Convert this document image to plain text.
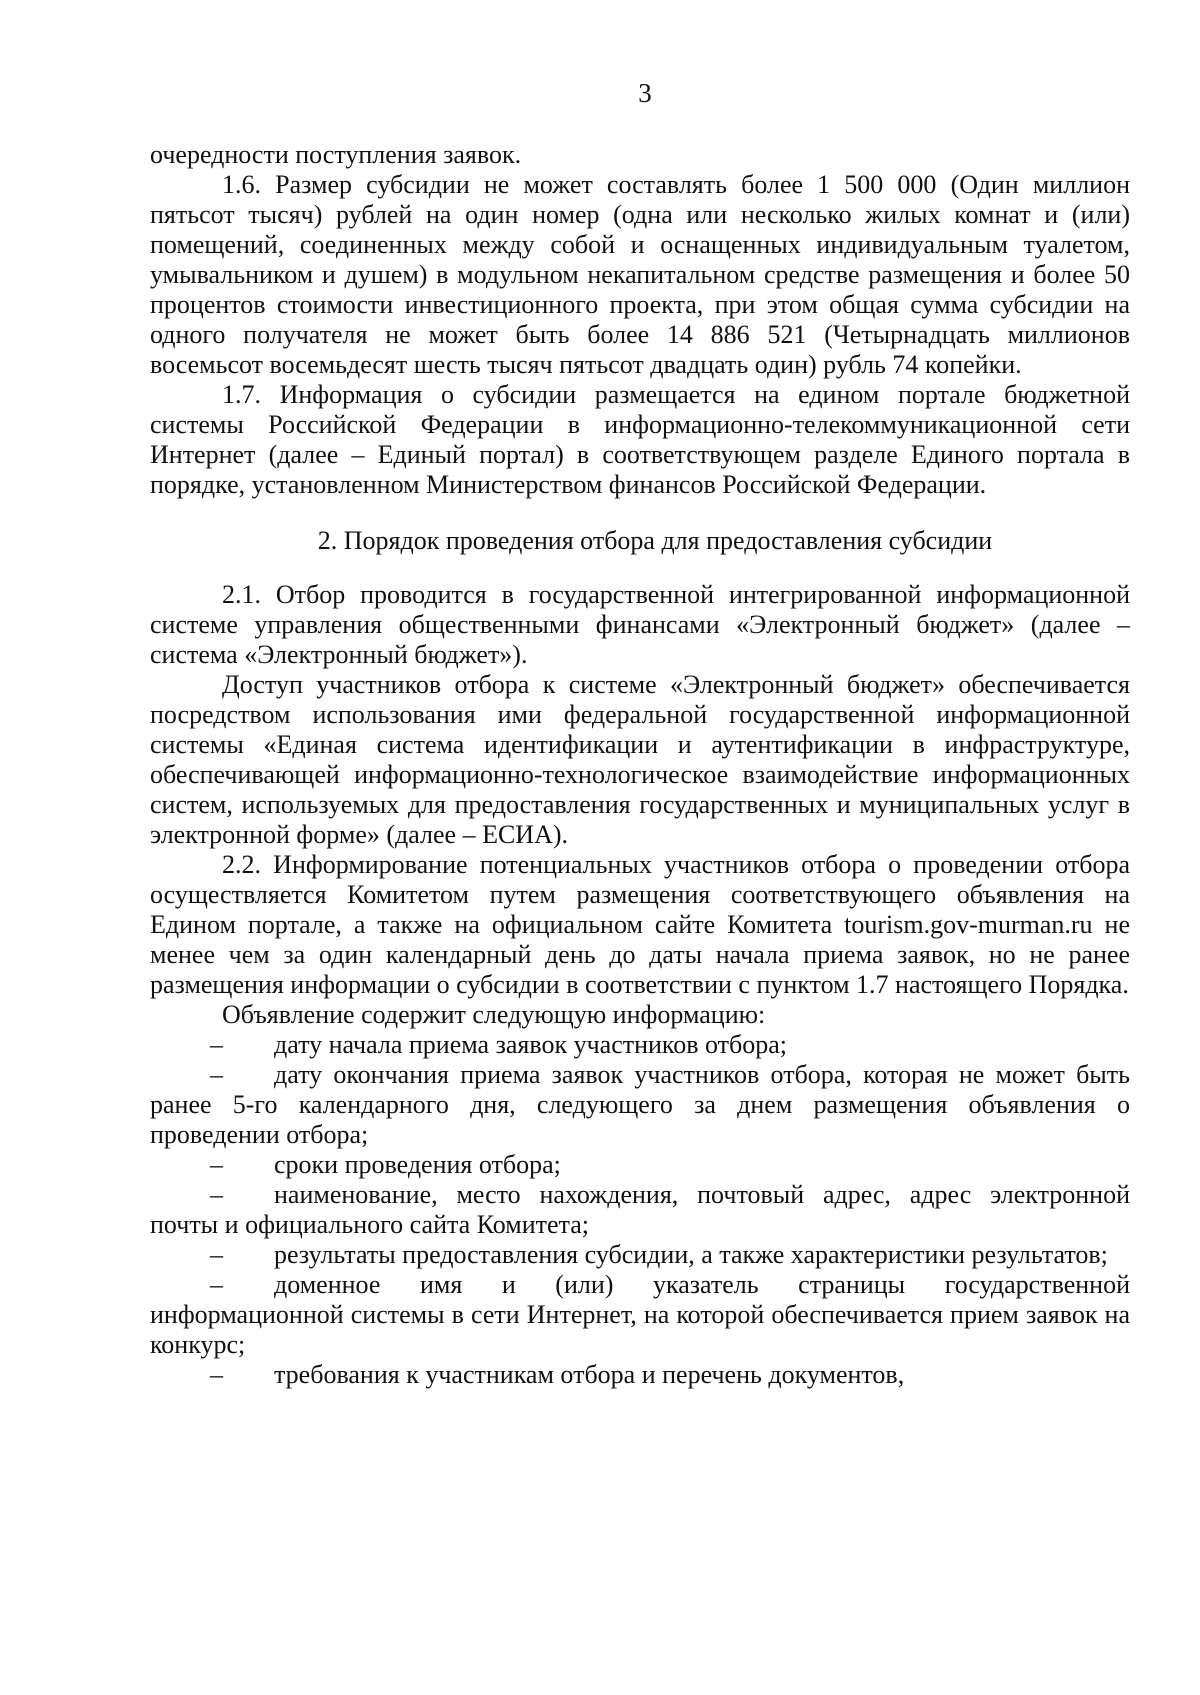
3

очередности поступления заявок.

1.6. Размер субсидии не может составлять более 1 500 000 (Один миллион пятьсот тысяч) рублей на один номер (одна или несколько жилых комнат и (или) помещений, соединенных между собой и оснащенных индивидуальным туалетом, умывальником и душем) в модульном некапитальном средстве размещения и более 50 процентов стоимости инвестиционного проекта, при этом общая сумма субсидии на одного получателя не может быть более 14 886 521 (Четырнадцать миллионов восемьсот восемьдесят шесть тысяч пятьсот двадцать один) рубль 74 копейки.

1.7. Информация о субсидии размещается на едином портале бюджетной системы Российской Федерации в информационно-телекоммуникационной сети Интернет (далее – Единый портал) в соответствующем разделе Единого портала в порядке, установленном Министерством финансов Российской Федерации.

2. Порядок проведения отбора для предоставления субсидии

2.1. Отбор проводится в государственной интегрированной информационной системе управления общественными финансами «Электронный бюджет» (далее – система «Электронный бюджет»).

Доступ участников отбора к системе «Электронный бюджет» обеспечивается посредством использования ими федеральной государственной информационной системы «Единая система идентификации и аутентификации в инфраструктуре, обеспечивающей информационно-технологическое взаимодействие информационных систем, используемых для предоставления государственных и муниципальных услуг в электронной форме» (далее – ЕСИА).

2.2. Информирование потенциальных участников отбора о проведении отбора осуществляется Комитетом путем размещения соответствующего объявления на Едином портале, а также на официальном сайте Комитета tourism.gov-murman.ru не менее чем за один календарный день до даты начала приема заявок, но не ранее размещения информации о субсидии в соответствии с пунктом 1.7 настоящего Порядка.

Объявление содержит следующую информацию:

– дату начала приема заявок участников отбора;

– дату окончания приема заявок участников отбора, которая не может быть ранее 5-го календарного дня, следующего за днем размещения объявления о проведении отбора;

– сроки проведения отбора;

– наименование, место нахождения, почтовый адрес, адрес электронной почты и официального сайта Комитета;

– результаты предоставления субсидии, а также характеристики результатов;

– доменное имя и (или) указатель страницы государственной информационной системы в сети Интернет, на которой обеспечивается прием заявок на конкурс;

– требования к участникам отбора и перечень документов,
